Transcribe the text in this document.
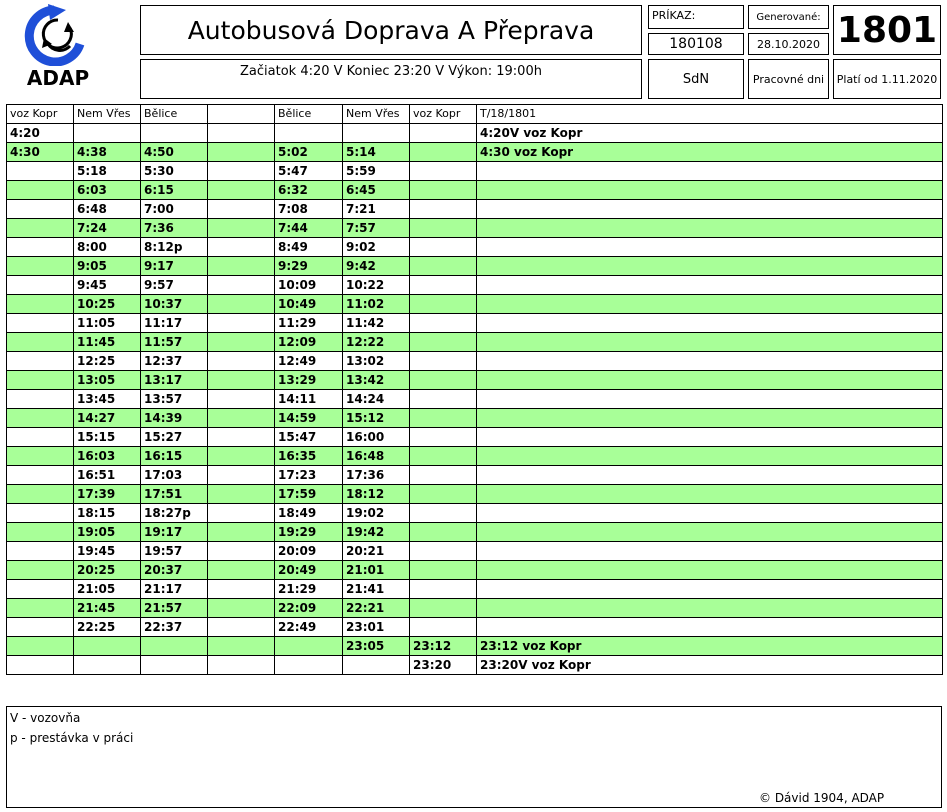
ADAP
Autobusová Doprava A Přeprava
Začiatok 4:20 V Koniec 23:20 V Výkon: 19:00h
PRÍKAZ:
180108
Generované:
28.10.2020 1801
SdN	Pracovné dni	Platí od 1.11.2020
voz Kopr	Nem Vřes	Bělice		Bělice	Nem Vřes	voz Kopr	T/18/1801
4:20							4:20V voz Kopr
4:30	4:38	4:50		5:02	5:14		4:30 voz Kopr
	5:18	5:30		5:47	5:59		
	6:03	6:15		6:32	6:45		
	6:48	7:00		7:08	7:21		
	7:24	7:36		7:44	7:57		
	8:00	8:12p		8:49	9:02		
	9:05	9:17		9:29	9:42		
	9:45	9:57		10:09	10:22		
	10:25	10:37		10:49	11:02		
	11:05	11:17		11:29	11:42		
	11:45	11:57		12:09	12:22		
	12:25	12:37		12:49	13:02		
	13:05	13:17		13:29	13:42		
	13:45	13:57		14:11	14:24		
	14:27	14:39		14:59	15:12		
	15:15	15:27		15:47	16:00		
	16:03	16:15		16:35	16:48		
	16:51	17:03		17:23	17:36		
	17:39	17:51		17:59	18:12		
	18:15	18:27p		18:49	19:02		
	19:05	19:17		19:29	19:42		
	19:45	19:57		20:09	20:21		
	20:25	20:37		20:49	21:01		
	21:05	21:17		21:29	21:41		
	21:45	21:57		22:09	22:21		
	22:25	22:37		22:49	23:01		
					23:05	23:12	23:12 voz Kopr
						23:20	23:20V voz Kopr
V - vozovňa
p - prestávka v práci
© Dávid 1904, ADAP
